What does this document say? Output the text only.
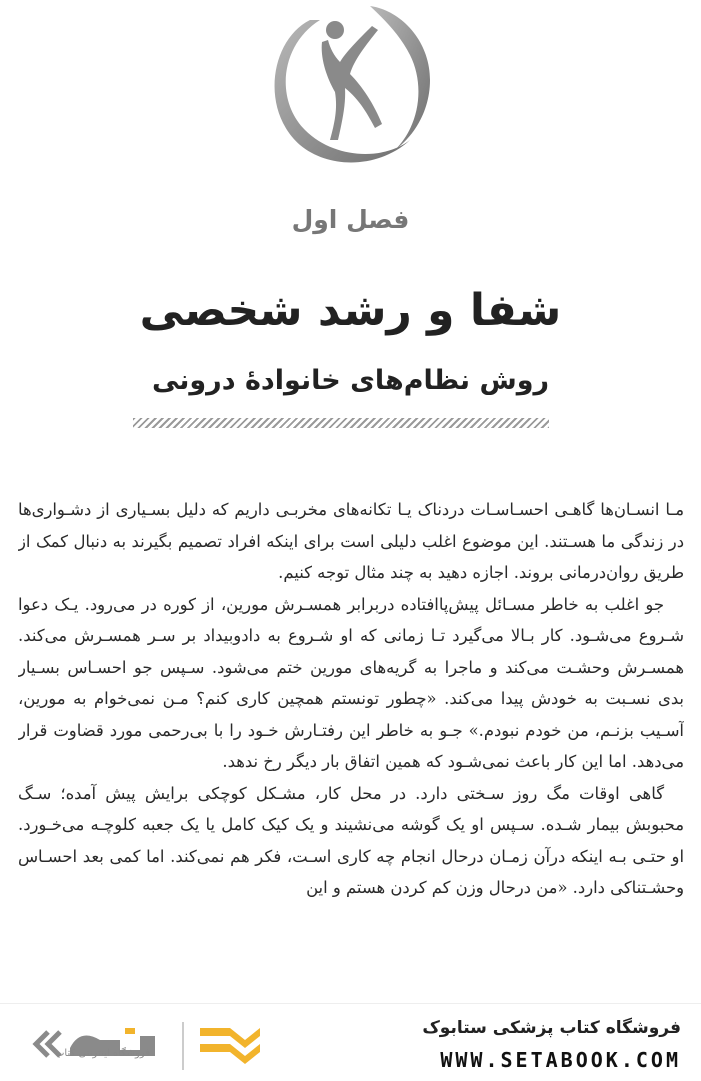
فصل اول
شفا و رشد شخصی
روش نظام‌های خانوادۀ درونی

مـا انسـان‌ها گاهـی احسـاسـات دردناک یـا تکانه‌های مخربـی داریم که دلیل بسـیاری از دشـواری‌ها در زندگی ما هسـتند. این موضوع اغلب دلیلی است برای اینکه افراد تصمیم بگیرند به دنبال کمک از طریق روان‌درمانی بروند. اجازه دهید به چند مثال توجه کنیم.

جو اغلب به خاطر مسـائل پیش‌پاافتاده دربرابر همسـرش مورین، از کوره در می‌رود. یـک دعوا شـروع می‌شـود. کار بـالا می‌گیرد تـا زمانی که او شـروع به دادوبیداد بر سـر همسـرش می‌کند. همسـرش وحشـت می‌کند و ماجرا به گریه‌های مورین ختم می‌شود. سـپس جو احسـاس بسـیار بدی نسـبت به خودش پیدا می‌کند. «چطور تونستم همچین کاری کنم؟ مـن نمی‌خوام به مورین، آسـیب بزنـم، من خودم نبودم.» جـو به خاطر این رفتـارش خـود را با بی‌رحمی مورد قضاوت قرار می‌دهد. اما این کار باعث نمی‌شـود که همین اتفاق بار دیگر رخ ندهد.

گاهی اوقات مگ روز سـختی دارد. در محل کار، مشـکل کوچکی برایش پیش آمده؛ سـگ محبوبش بیمار شـده. سـپس او یک گوشه می‌نشیند و یک کیک کامل یا یک جعبه کلوچـه می‌خـورد. او حتـی بـه اینکه درآن زمـان درحال انجام چه کاری اسـت، فکر هم نمی‌کند. اما کمی بعد احسـاس وحشـتناکی دارد. «من درحال وزن کم کردن هستم و این

فروشگاه اینترنتی کتاب
فروشگاه کتاب پزشکی ستابوک
WWW.SETABOOK.COM
